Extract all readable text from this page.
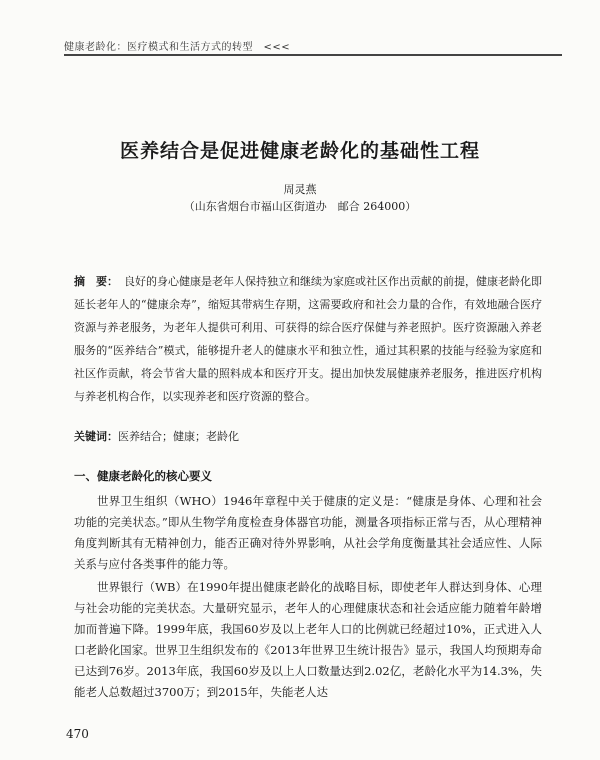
健康老龄化：医疗模式和生活方式的转型　<<<
医养结合是促进健康老龄化的基础性工程
周灵燕
（山东省烟台市福山区街道办　邮合 264000）

摘　要： 良好的身心健康是老年人保持独立和继续为家庭或社区作出贡献的前提，健康老龄化即延长老年人的“健康余寿”，缩短其带病生存期，这需要政府和社会力量的合作，有效地融合医疗资源与养老服务，为老年人提供可利用、可获得的综合医疗保健与养老照护。医疗资源融入养老服务的“医养结合”模式，能够提升老人的健康水平和独立性，通过其积累的技能与经验为家庭和社区作贡献，将会节省大量的照料成本和医疗开支。提出加快发展健康养老服务，推进医疗机构与养老机构合作，以实现养老和医疗资源的整合。

关键词：医养结合；健康；老龄化

一、健康老龄化的核心要义

世界卫生组织（WHO）1946年章程中关于健康的定义是：“健康是身体、心理和社会功能的完美状态。”即从生物学角度检查身体器官功能，测量各项指标正常与否，从心理精神角度判断其有无精神创力，能否正确对待外界影响，从社会学角度衡量其社会适应性、人际关系与应付各类事件的能力等。

世界银行（WB）在1990年提出健康老龄化的战略目标，即使老年人群达到身体、心理与社会功能的完美状态。大量研究显示，老年人的心理健康状态和社会适应能力随着年龄增加而普遍下降。1999年底，我国60岁及以上老年人口的比例就已经超过10%，正式进入人口老龄化国家。世界卫生组织发布的《2013年世界卫生统计报告》显示，我国人均预期寿命已达到76岁。2013年底，我国60岁及以上人口数量达到2.02亿，老龄化水平为14.3%，失能老人总数超过3700万；到2015年，失能老人达

470
